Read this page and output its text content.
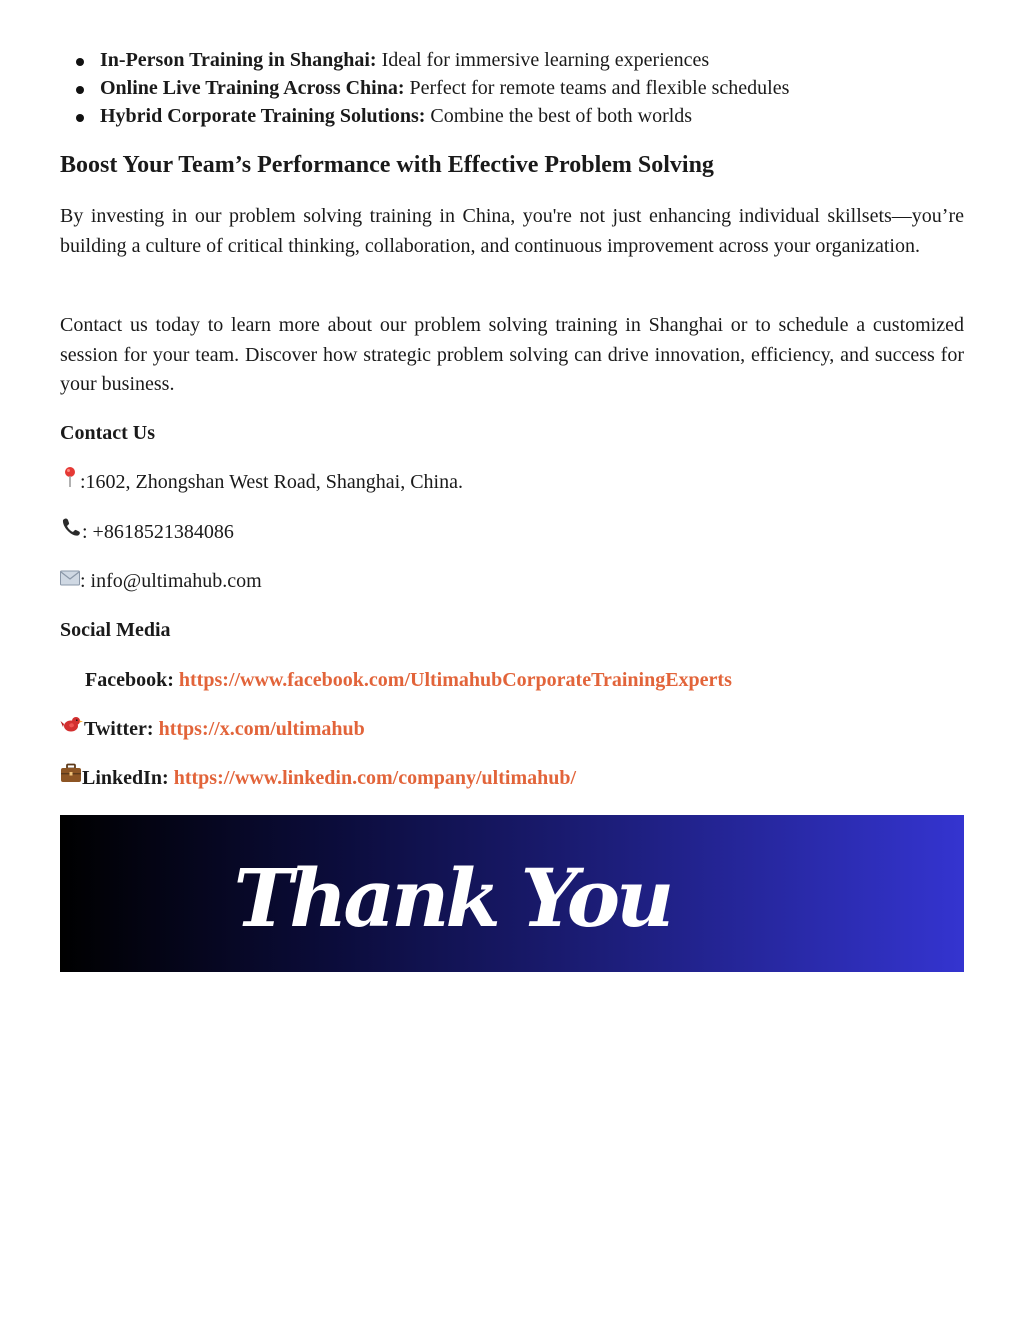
In-Person Training in Shanghai: Ideal for immersive learning experiences
Online Live Training Across China: Perfect for remote teams and flexible schedules
Hybrid Corporate Training Solutions: Combine the best of both worlds
Boost Your Team’s Performance with Effective Problem Solving

By investing in our problem solving training in China, you're not just enhancing individual skillsets—you’re building a culture of critical thinking, collaboration, and continuous improvement across your organization.

Contact us today to learn more about our problem solving training in Shanghai or to schedule a customized session for your team. Discover how strategic problem solving can drive innovation, efficiency, and success for your business.

Contact Us
:1602, Zhongshan West Road, Shanghai, China.
: +8618521384086
: info@ultimahub.com
Social Media
Facebook: https://www.facebook.com/UltimahubCorporateTrainingExperts
Twitter: https://x.com/ultimahub
LinkedIn: https://www.linkedin.com/company/ultimahub/
Thank You
